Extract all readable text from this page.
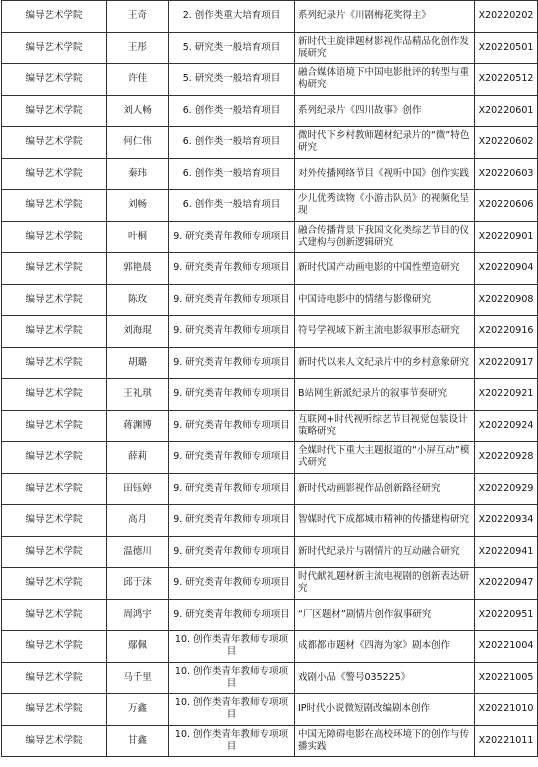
编导艺术学院	王奇	2. 创作类重大培育项目	系列纪录片《川剧梅花奖得主》	X20220202
编导艺术学院	王彤	5. 研究类一般培育项目	新时代主旋律题材影视作品精品化创作发展研究	X20220501
编导艺术学院	许佳	5. 研究类一般培育项目	融合媒体语境下中国电影批评的转型与重构研究	X20220512
编导艺术学院	刘人畅	6. 创作类一般培育项目	系列纪录片《四川故事》创作	X20220601
编导艺术学院	何仁伟	6. 创作类一般培育项目	微时代下乡村教师题材纪录片的“微”特色研究	X20220602
编导艺术学院	秦玮	6. 创作类一般培育项目	对外传播网络节目《视听中国》创作实践	X20220603
编导艺术学院	刘畅	6. 创作类一般培育项目	少儿优秀读物《小游击队员》的视频化呈现	X20220606
编导艺术学院	叶桐	9. 研究类青年教师专项项目	融合传播背景下我国文化类综艺节目的仪式建构与创新逻辑研究	X20220901
编导艺术学院	郭艳晨	9. 研究类青年教师专项项目	新时代国产动画电影的中国性塑造研究	X20220904
编导艺术学院	陈玫	9. 研究类青年教师专项项目	中国诗电影中的情绪与影像研究	X20220908
编导艺术学院	刘海琨	9. 研究类青年教师专项项目	符号学视域下新主流电影叙事形态研究	X20220916
编导艺术学院	胡璐	9. 研究类青年教师专项项目	新时代以来人文纪录片中的乡村意象研究	X20220917
编导艺术学院	王礼琪	9. 研究类青年教师专项项目	B站网生新派纪录片的叙事节奏研究	X20220921
编导艺术学院	蒋渊博	9. 研究类青年教师专项项目	互联网+时代视听综艺节目视觉包装设计策略研究	X20220924
编导艺术学院	薛莉	9. 研究类青年教师专项项目	全媒时代下重大主题报道的“小屏互动”模式研究	X20220928
编导艺术学院	田钰婷	9. 研究类青年教师专项项目	新时代动画影视作品创新路径研究	X20220929
编导艺术学院	高月	9. 研究类青年教师专项项目	智媒时代下成都城市精神的传播建构研究	X20220934
编导艺术学院	温德川	9. 研究类青年教师专项项目	新时代纪录片与剧情片的互动融合研究	X20220941
编导艺术学院	邱于沫	9. 研究类青年教师专项项目	时代献礼题材新主流电视剧的创新表达研究	X20220947
编导艺术学院	周鸿宇	9. 研究类青年教师专项项目	“厂区题材”剧情片创作叙事研究	X20220951
编导艺术学院	鄢佩	10. 创作类青年教师专项项目	成都都市题材《四海为家》剧本创作	X20221004
编导艺术学院	马千里	10. 创作类青年教师专项项目	戏剧小品《警号035225》	X20221005
编导艺术学院	万鑫	10. 创作类青年教师专项项目	IP时代小说微短剧改编剧本创作	X20221010
编导艺术学院	甘鑫	10. 创作类青年教师专项项目	中国无障碍电影在高校环境下的创作与传播实践	X20221011
